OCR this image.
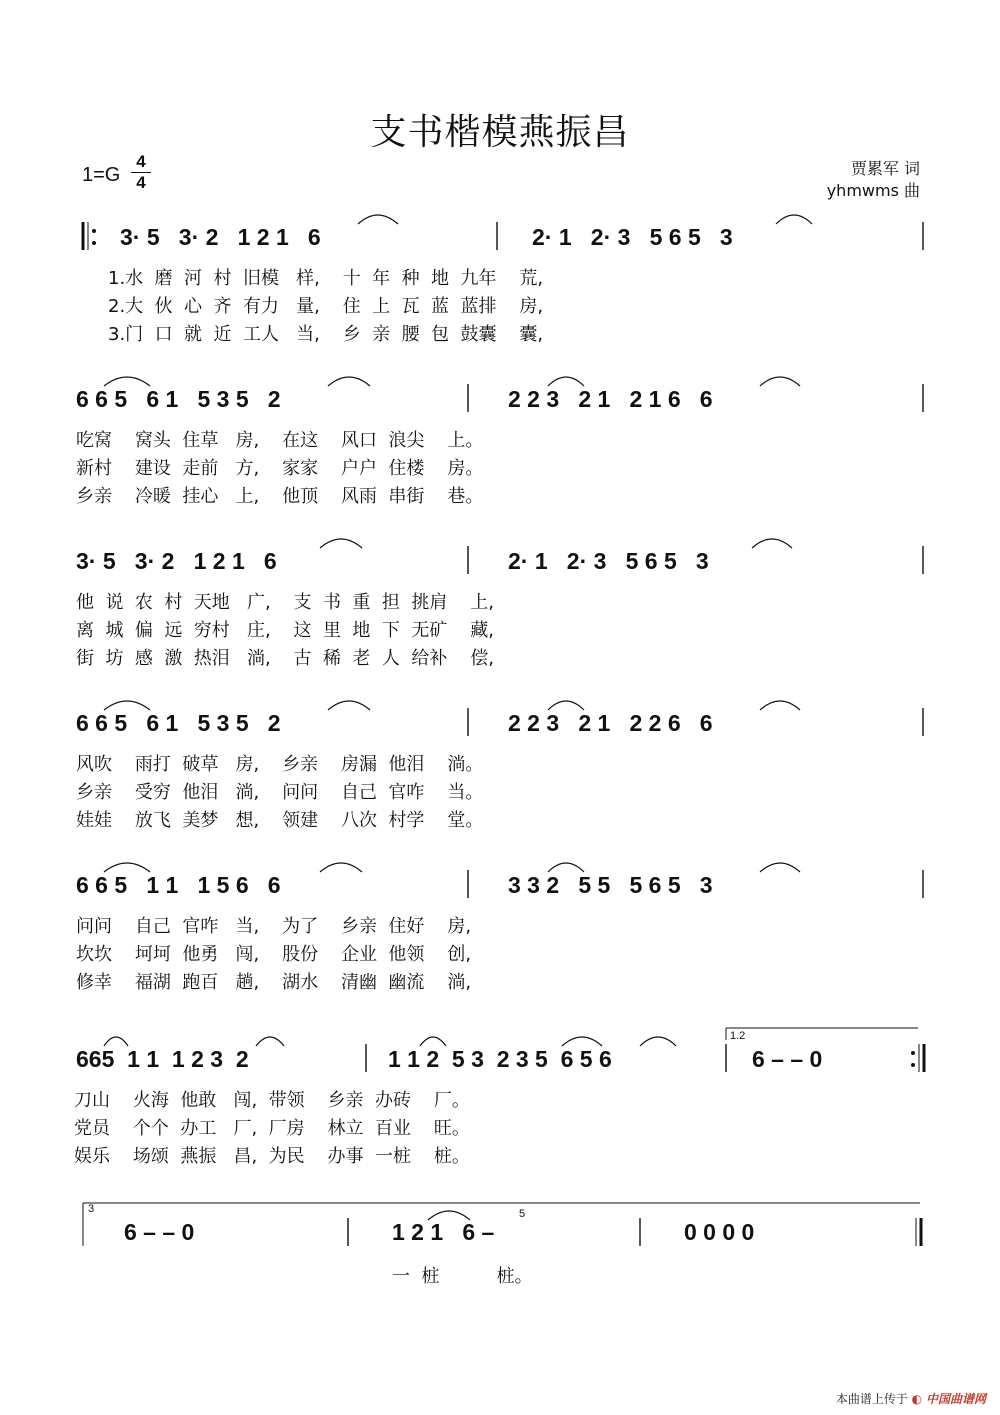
支书楷模燕振昌
1=G
4
4
贾累军 词
yhmwms 曲
3· 5   3· 2   1 2 1   6	2· 1   2· 3   5 6 5   3
1.水  磨  河  村  旧模   样,    十  年  种  地  九年    荒,
2.大  伙  心  齐  有力   量,    住  上  瓦  蓝  蓝排    房,
3.门  口  就  近  工人   当,    乡  亲  腰  包  鼓囊    囊,
6 6 5   6 1   5 3 5   2	2 2 3   2 1   2 1 6   6
吃窝    窝头  住草   房,    在这    风口  浪尖    上。
新村    建设  走前   方,    家家    户户  住楼    房。
乡亲    冷暖  挂心   上,    他顶    风雨  串街    巷。
3· 5   3· 2   1 2 1   6	2· 1   2· 3   5 6 5   3
他  说  农  村  天地   广,    支  书  重  担  挑肩    上,
离  城  偏  远  穷村   庄,    这  里  地  下  无矿    藏,
街  坊  感  激  热泪   淌,    古  稀  老  人  给补    偿,
6 6 5   6 1   5 3 5   2	2 2 3   2 1   2 2 6   6
风吹    雨打  破草   房,    乡亲    房漏  他泪    淌。
乡亲    受穷  他泪   淌,    问问    自己  官咋    当。
娃娃    放飞  美梦   想,    领建    八次  村学    堂。
6 6 5   1 1   1 5 6   6	3 3 2   5 5   5 6 5   3
问问    自己  官咋   当,    为了    乡亲  住好    房,
坎坎    坷坷  他勇   闯,    股份    企业  他领    创,
修幸    福湖  跑百   趟,    湖水    清幽  幽流    淌,
665  1 1  1 2 3  2	1 1 2  5 3  2 3 5  6 5 6	6 – – 0
刀山    火海  他敢   闯,  带领    乡亲  办砖    厂。
党员    个个  办工   厂,  厂房    林立  百业    旺。
娱乐    场颂  燕振   昌,  为民    办事  一桩    桩。
1.2
6 – – 0	1 2 1   6 –	0 0 0 0
一  桩          桩。
3	5
本曲谱上传于 ◐ 中国曲谱网
